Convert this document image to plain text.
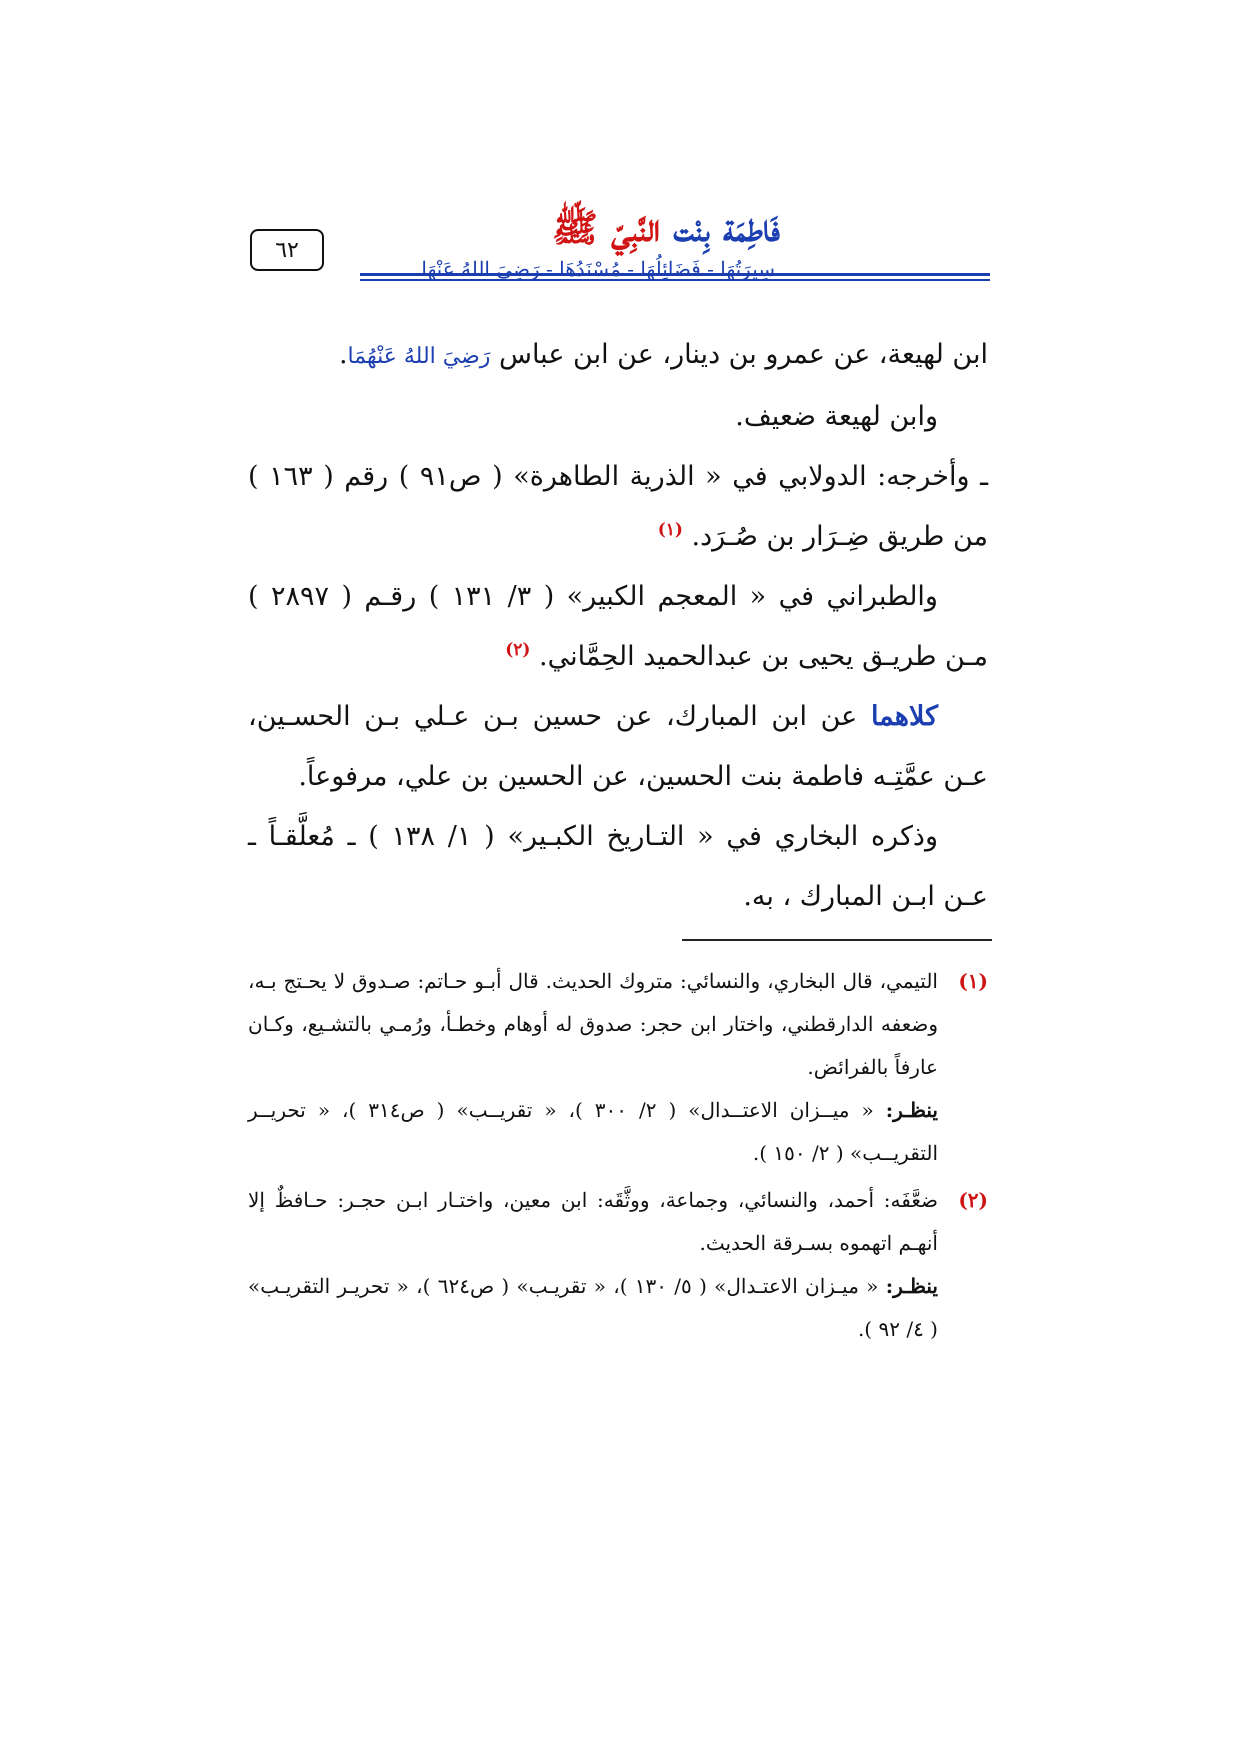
فَاطِمَة بِنْت النَّبِيّ ﷺ
سِيرَتُهَا - فَضَائِلُهَا - مُسْنَدُهَا - رَضِيَ اللهُ عَنْهَا
٦٢

ابن لهيعة، عن عمرو بن دينار، عن ابن عباس رَضِيَ اللهُ عَنْهُمَا.

وابن لهيعة ضعيف.

ـ وأخرجه: الدولابي في « الذرية الطاهرة» ( ص٩١ ) رقم ( ١٦٣ ) من طريق ضِـرَار بن صُـرَد. $^{(١)}$

والطبراني في « المعجم الكبير» ( ٣/ ١٣١ ) رقـم ( ٢٨٩٧ ) مـن طريـق يحيى بن عبدالحميد الحِمَّاني. $^{(٢)}$

كلاهما عن ابن المبارك، عن حسين بـن عـلي بـن الحسـين، عـن عمَّتِـه فاطمة بنت الحسين، عن الحسين بن علي، مرفوعاً.

وذكره البخاري في « التـاريخ الكبـير» ( ١/ ١٣٨ ) ـ مُعلَّقـاً ـ عـن ابـن المبارك ، به.

(١)
التيمي، قال البخاري، والنسائي: متروك الحديث. قال أبـو حـاتم: صـدوق لا يحـتج بـه، وضعفه الدارقطني، واختار ابن حجر: صدوق له أوهام وخطـأ، ورُمـي بالتشـيع، وكـان عارفاً بالفرائض.

ينظـر: « ميــزان الاعتــدال» ( ٢/ ٣٠٠ )، « تقريــب» ( ص٣١٤ )، « تحريــر التقريــب» ( ٢/ ١٥٠ ).

(٢)
ضعَّفَه: أحمد، والنسائي، وجماعة، ووثَّقَه: ابن معين، واختـار ابـن حجـر: حـافظٌ إلا أنهـم اتهموه بسـرقة الحديث.

ينظـر: « ميـزان الاعتـدال» ( ٥/ ١٣٠ )، « تقريـب» ( ص٦٢٤ )، « تحريـر التقريـب» ( ٤/ ٩٢ ).
